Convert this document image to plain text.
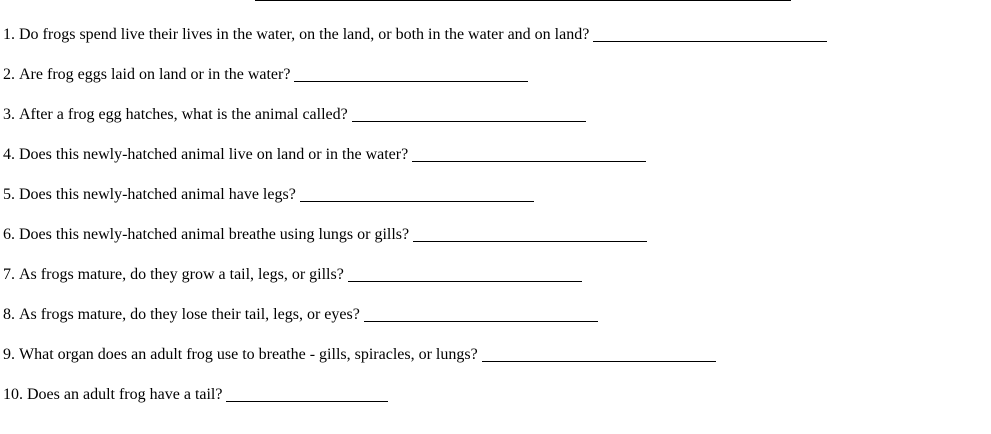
1.
Do frogs spend live their lives in the water, on the land, or both in the water and on land?
2.
Are frog eggs laid on land or in the water?
3.
After a frog egg hatches, what is the animal called?
4.
Does this newly-hatched animal live on land or in the water?
5.
Does this newly-hatched animal have legs?
6.
Does this newly-hatched animal breathe using lungs or gills?
7.
As frogs mature, do they grow a tail, legs, or gills?
8.
As frogs mature, do they lose their tail, legs, or eyes?
9.
What organ does an adult frog use to breathe - gills, spiracles, or lungs?
10.
Does an adult frog have a tail?
